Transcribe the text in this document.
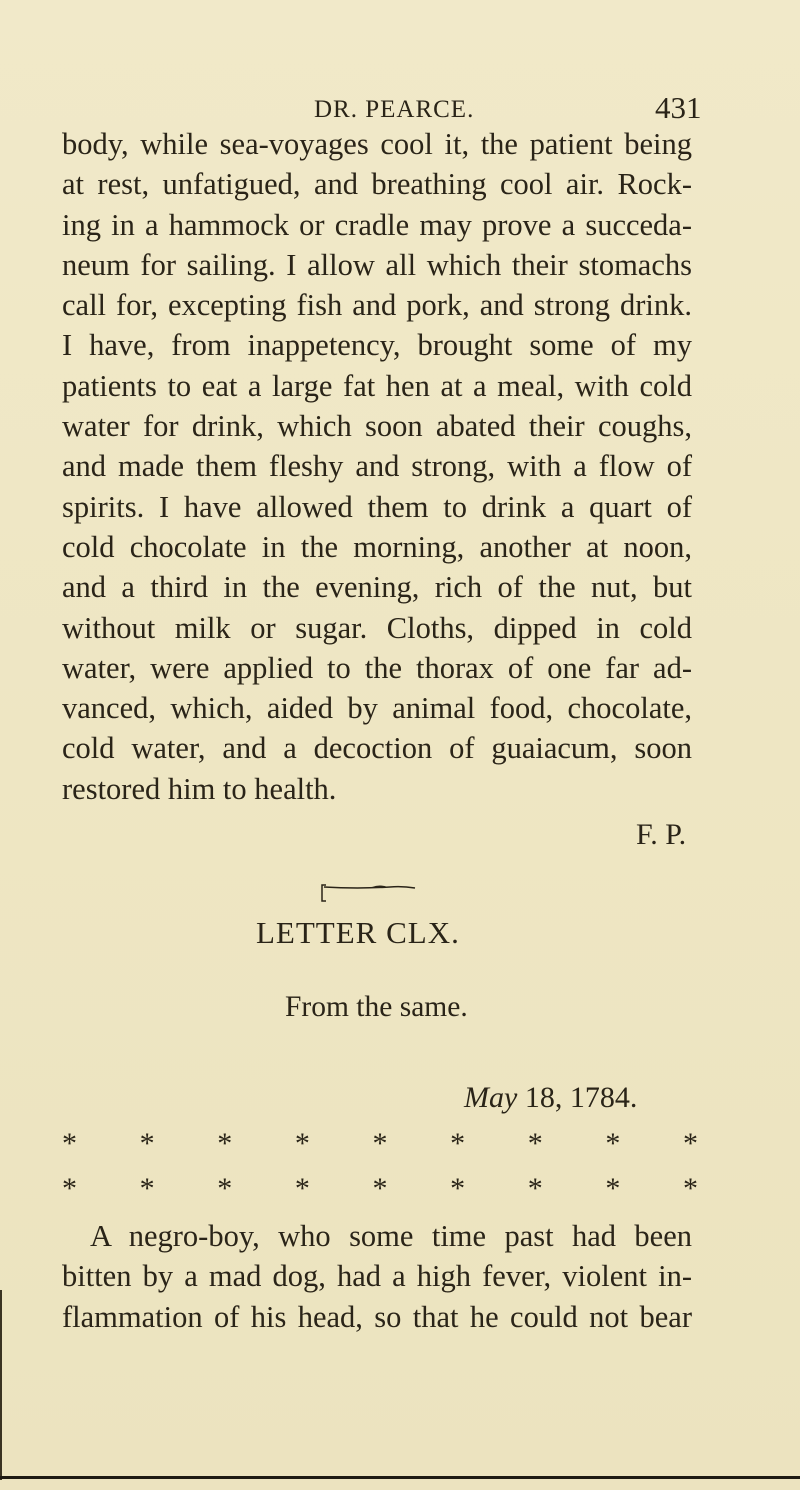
DR. PEARCE.	431
body, while sea-voyages cool it, the patient being
at rest, unfatigued, and breathing cool air. Rock-
ing in a hammock or cradle may prove a succeda-
neum for sailing. I allow all which their stomachs
call for, excepting fish and pork, and strong drink.
I have, from inappetency, brought some of my
patients to eat a large fat hen at a meal, with cold
water for drink, which soon abated their coughs,
and made them fleshy and strong, with a flow of
spirits. I have allowed them to drink a quart of
cold chocolate in the morning, another at noon,
and a third in the evening, rich of the nut, but
without milk or sugar. Cloths, dipped in cold
water, were applied to the thorax of one far ad-
vanced, which, aided by animal food, chocolate,
cold water, and a decoction of guaiacum, soon
restored him to health.
F. P.
LETTER CLX.
From the same.
May 18, 1784.
* * * * * * * * *
* * * * * * * * *
A negro-boy, who some time past had been
bitten by a mad dog, had a high fever, violent in-
flammation of his head, so that he could not bear
